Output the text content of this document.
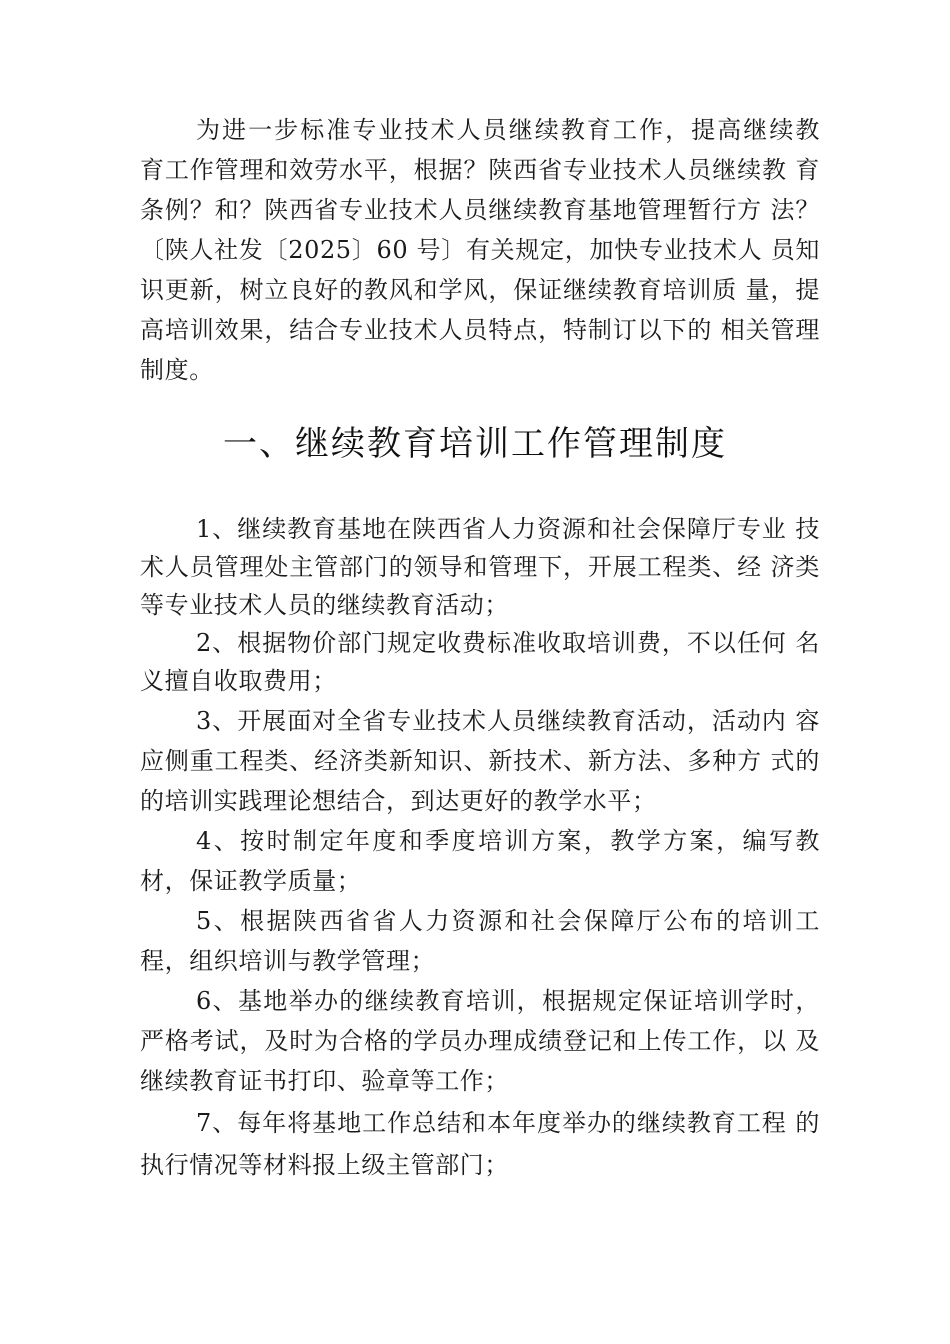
为进一步标准专业技术人员继续教育工作，提高继续教
育工作管理和效劳水平，根据？陕西省专业技术人员继续教 育
条例？和？陕西省专业技术人员继续教育基地管理暂行方 法？
〔陕人社发〔2025〕60 号〕有关规定，加快专业技术人 员知
识更新，树立良好的教风和学风，保证继续教育培训质 量，提
高培训效果，结合专业技术人员特点，特制订以下的 相关管理
制度。
一、继续教育培训工作管理制度
1、继续教育基地在陕西省人力资源和社会保障厅专业 技
术人员管理处主管部门的领导和管理下，开展工程类、经 济类
等专业技术人员的继续教育活动；
2、根据物价部门规定收费标准收取培训费，不以任何 名
义擅自收取费用；
3、开展面对全省专业技术人员继续教育活动，活动内 容
应侧重工程类、经济类新知识、新技术、新方法、多种方 式的
的培训实践理论想结合，到达更好的教学水平；
4、按时制定年度和季度培训方案，教学方案，编写教
材，保证教学质量；
5、根据陕西省省人力资源和社会保障厅公布的培训工
程，组织培训与教学管理；
6、基地举办的继续教育培训，根据规定保证培训学时，
严格考试，及时为合格的学员办理成绩登记和上传工作，以 及
继续教育证书打印、验章等工作；
7、每年将基地工作总结和本年度举办的继续教育工程 的
执行情况等材料报上级主管部门；
